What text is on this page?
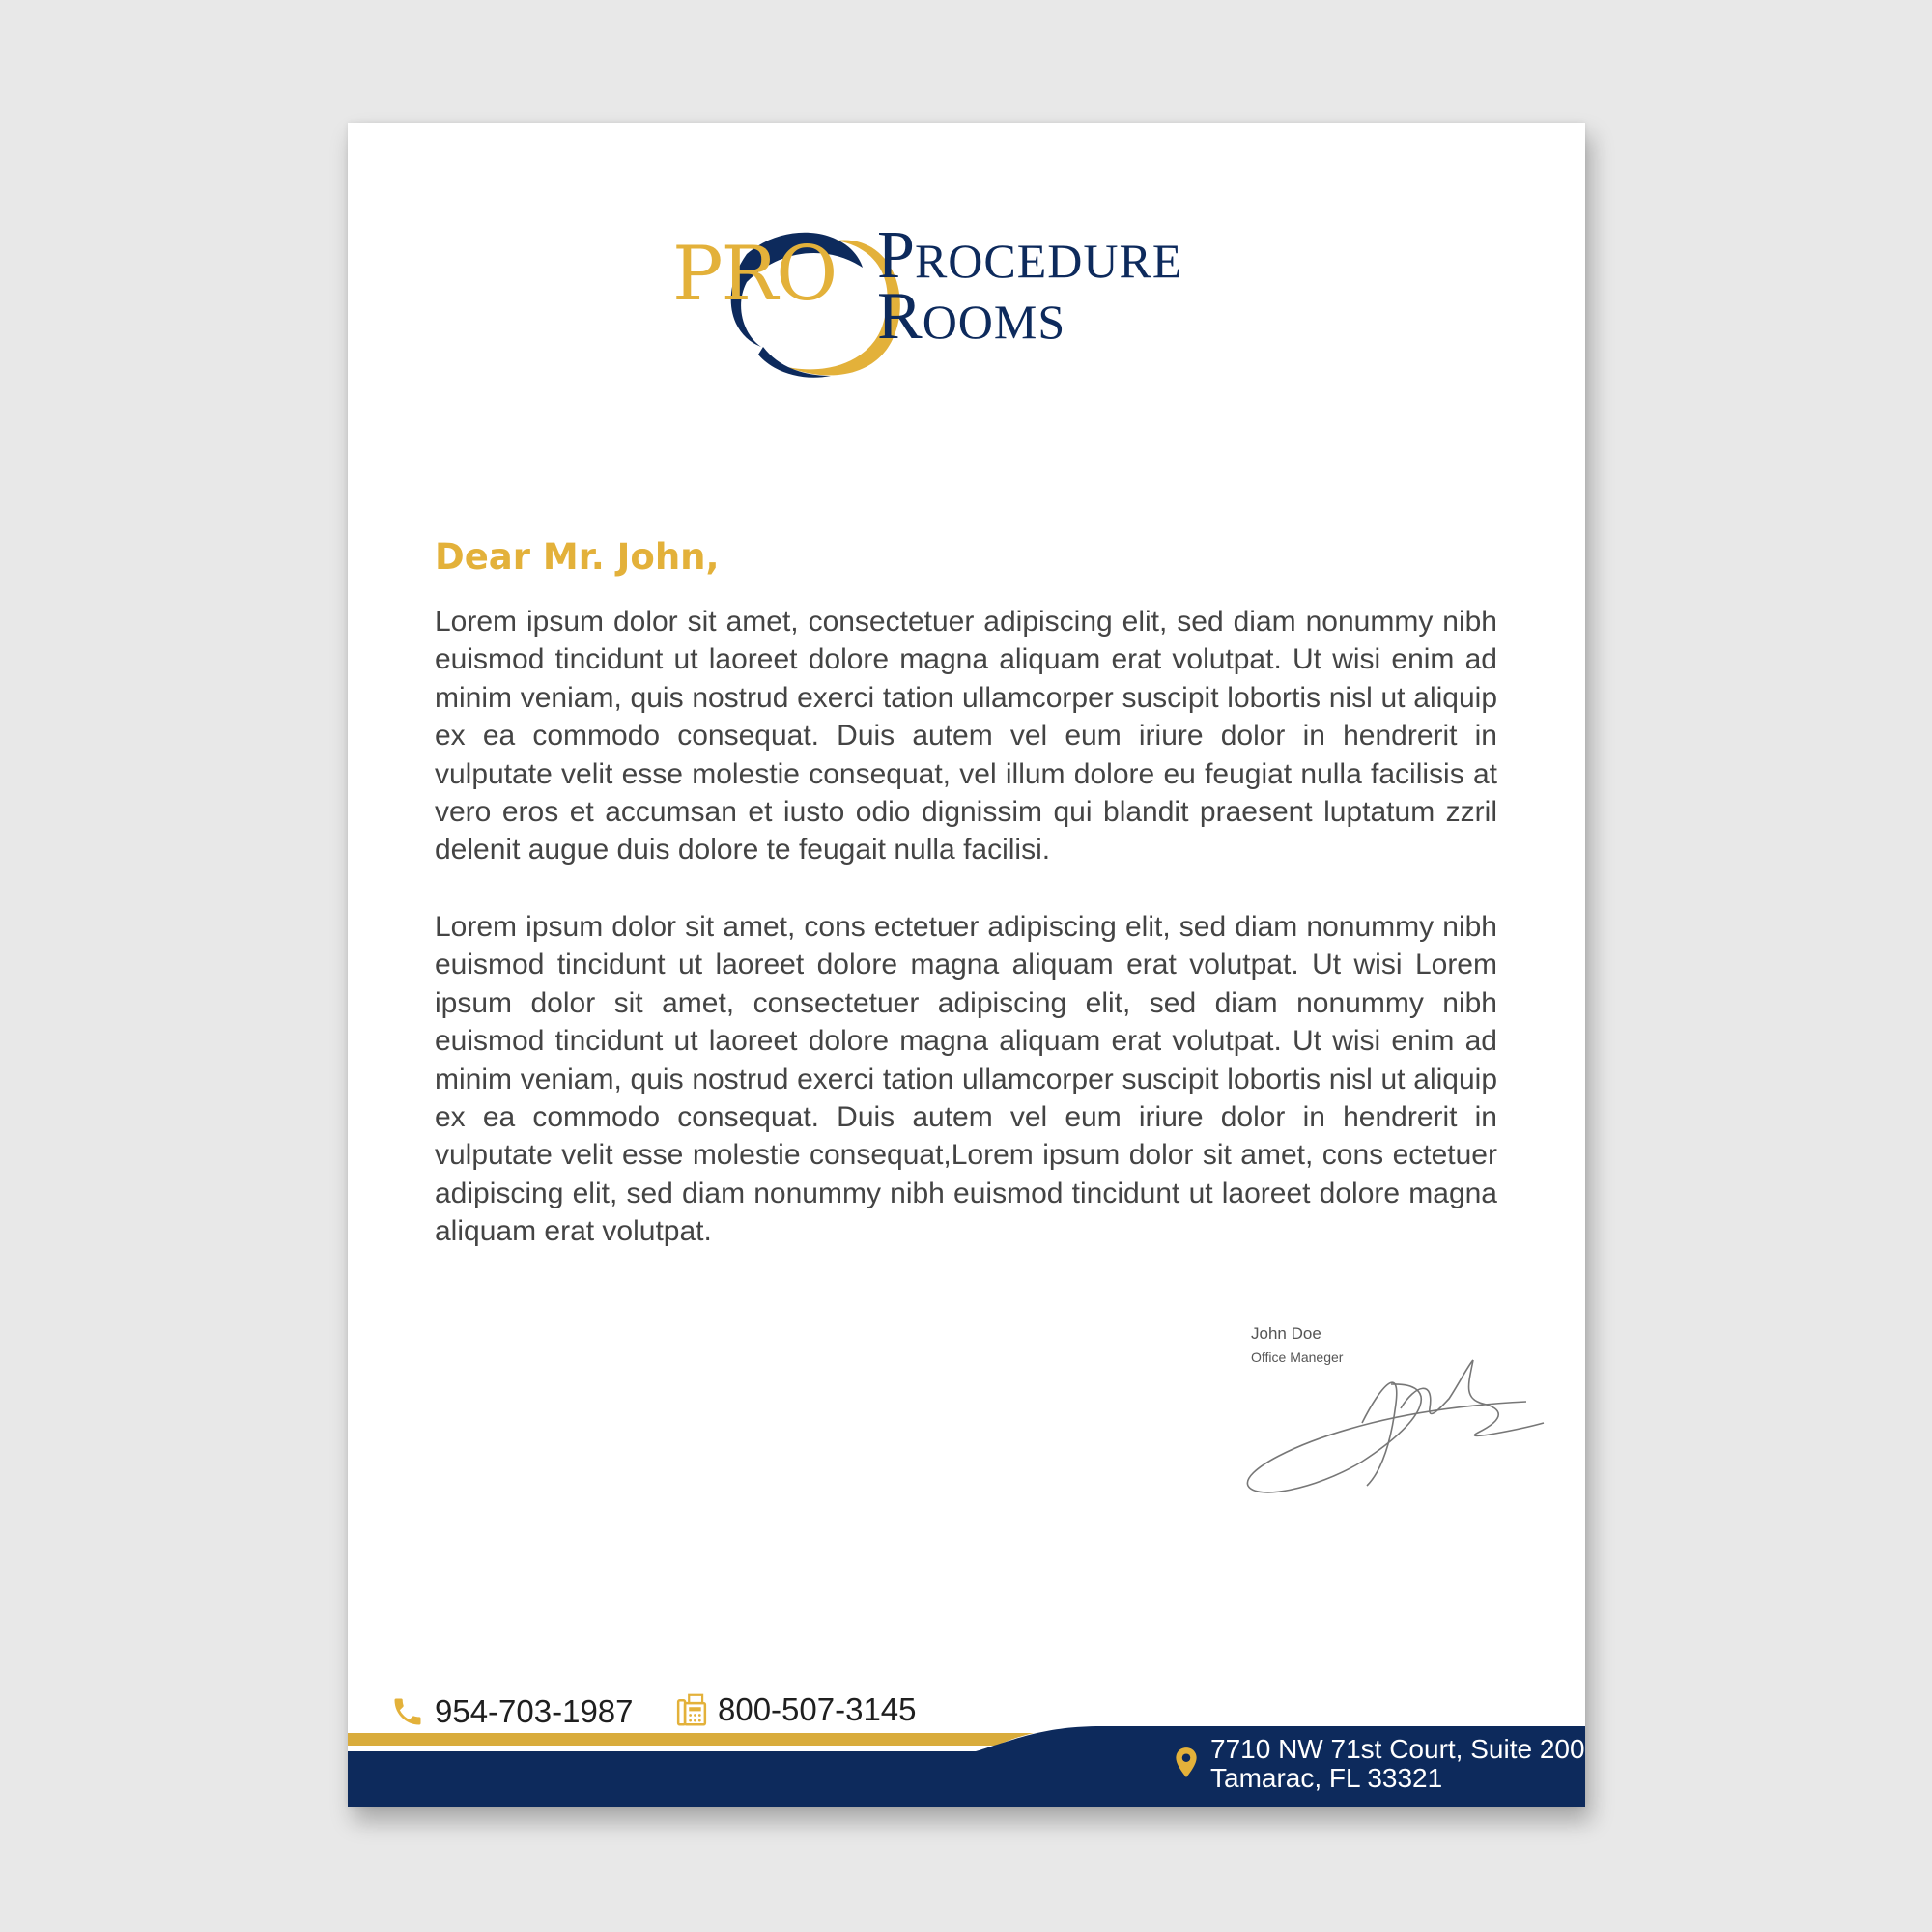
PRO PROCEDURE
ROOMS
Dear Mr. John,

Lorem ipsum dolor sit amet, consectetuer adipiscing elit, sed diam nonummy nibh euismod tincidunt ut laoreet dolore magna aliquam erat volutpat. Ut wisi enim ad minim veniam, quis nostrud exerci tation ullamcorper suscipit lobortis nisl ut aliquip ex ea commodo consequat. Duis autem vel eum iriure dolor in hendrerit in vulputate velit esse molestie consequat, vel illum dolore eu feugiat nulla facilisis at vero eros et accumsan et iusto odio dignissim qui blandit praesent luptatum zzril delenit augue duis dolore te feugait nulla facilisi.

Lorem ipsum dolor sit amet, cons ectetuer adipiscing elit, sed diam nonummy nibh euismod tincidunt ut laoreet dolore magna aliquam erat volutpat. Ut wisi Lorem ipsum dolor sit amet, consectetuer adipiscing elit, sed diam nonummy nibh euismod tincidunt ut laoreet dolore magna aliquam erat volutpat. Ut wisi enim ad minim veniam, quis nostrud exerci tation ullamcorper suscipit lobortis nisl ut aliquip ex ea commodo consequat. Duis autem vel eum iriure dolor in hendrerit in vulputate velit esse molestie consequat,Lorem ipsum dolor sit amet, cons ectetuer adipiscing elit, sed diam nonummy nibh euismod tincidunt ut laoreet dolore magna aliquam erat volutpat.

John Doe
Office Maneger
954-703-1987	800-507-3145
7710 NW 71st Court, Suite 200
Tamarac, FL 33321
